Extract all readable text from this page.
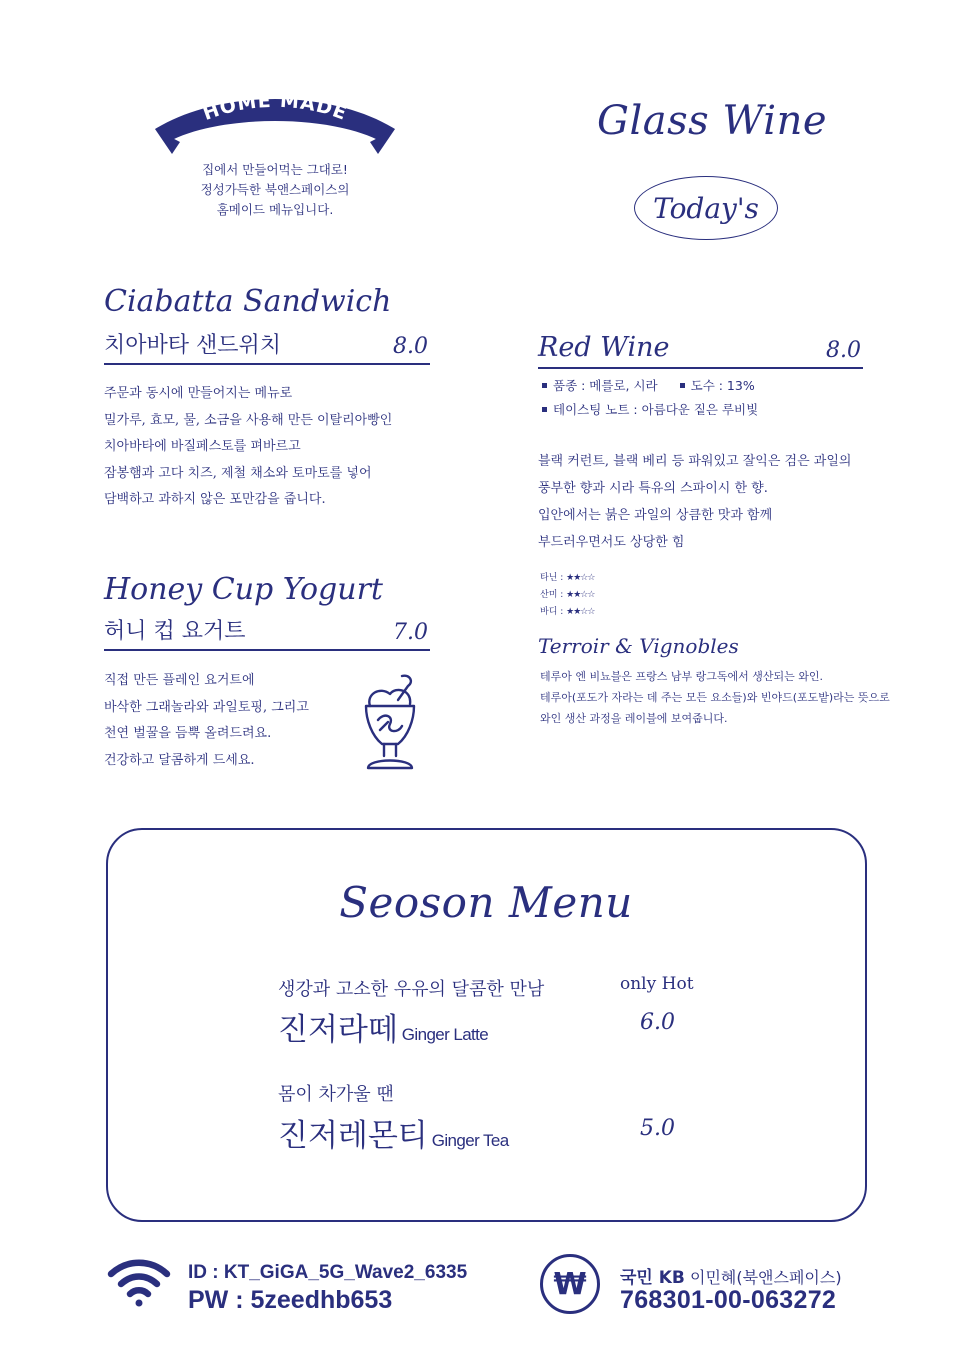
HOME MADE
집에서 만들어먹는 그대로!
정성가득한 북앤스페이스의
홈메이드 메뉴입니다.
Glass Wine
Today's
Ciabatta Sandwich
치아바타 샌드위치	8.0
주문과 동시에 만들어지는 메뉴로
밀가루, 효모, 물, 소금을 사용해 만든 이탈리아빵인
치아바타에 바질페스토를 펴바르고
잠봉햄과 고다 치즈, 제철 채소와 토마토를 넣어
담백하고 과하지 않은 포만감을 줍니다.
Honey Cup Yogurt
허니 컵 요거트	7.0
직접 만든 플레인 요거트에
바삭한 그래놀라와 과일토핑, 그리고
천연 벌꿀을 듬뿍 올려드려요.
건강하고 달콤하게 드세요.
Red Wine	8.0
품종 : 메를로, 시라	도수 : 13%
테이스팅 노트 : 아름다운 짙은 루비빛
블랙 커런트, 블랙 베리 등 파워있고 잘익은 검은 과일의
풍부한 향과 시라 특유의 스파이시 한 향.
입안에서는 붉은 과일의 상큼한 맛과 함께
부드러우면서도 상당한 힘
타닌 : ★★☆☆
산미 : ★★☆☆
바디 : ★★☆☆
Terroir & Vignobles
테루아 엔 비뇨블은 프랑스 남부 랑그독에서 생산되는 와인.
테루아(포도가 자라는 데 주는 모든 요소들)와 빈야드(포도밭)라는 뜻으로
와인 생산 과정을 레이블에 보여줍니다.
Seoson Menu
생강과 고소한 우유의 달콤한 만남	only Hot
진저라떼 Ginger Latte	6.0
몸이 차가울 땐
진저레몬티 Ginger Tea	5.0
ID : KT_GiGA_5G_Wave2_6335
PW : 5zeedhb653	₩	국민 KB 이민혜(북앤스페이스)
768301-00-063272
